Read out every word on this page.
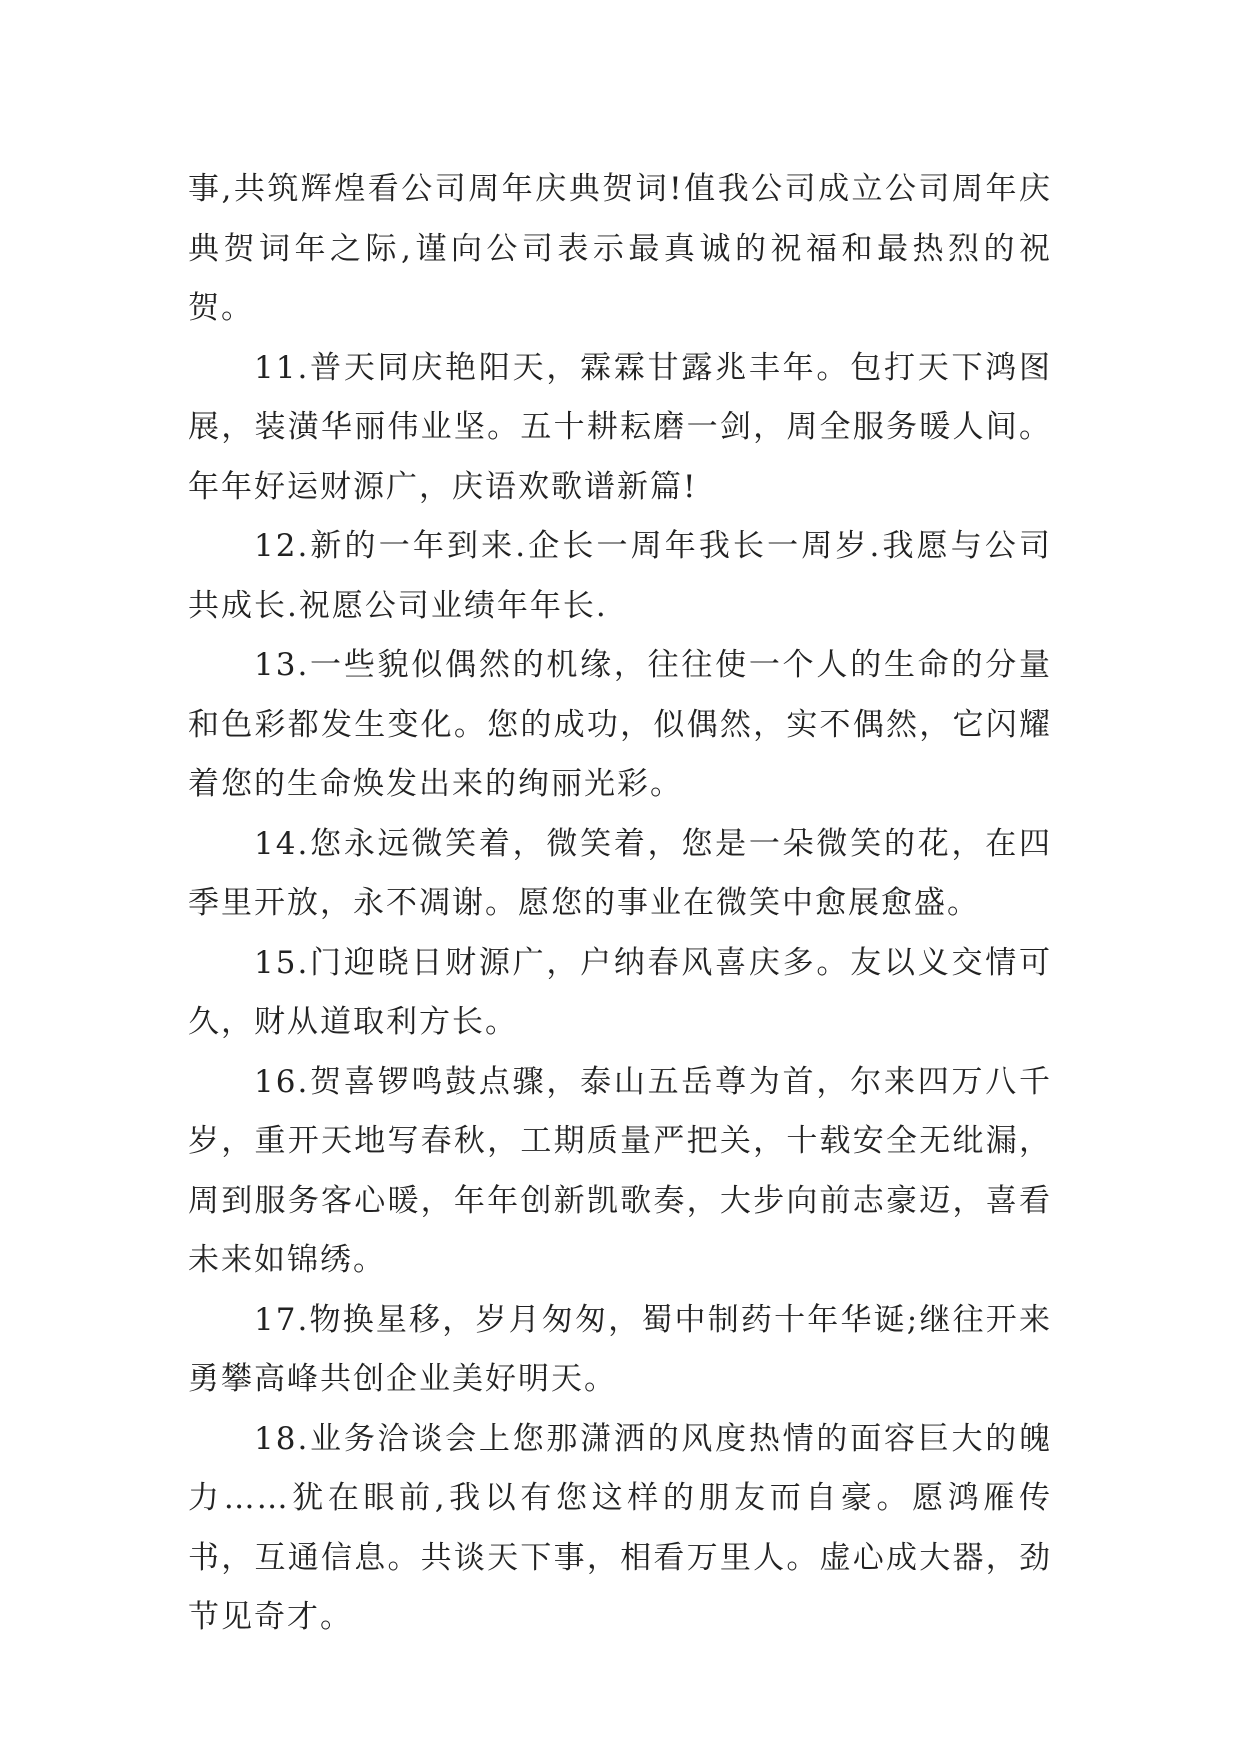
事,共筑辉煌看公司周年庆典贺词!值我公司成立公司周年庆典贺词年之际,谨向公司表示最真诚的祝福和最热烈的祝贺。

11.普天同庆艳阳天，霖霖甘露兆丰年。包打天下鸿图展，装潢华丽伟业坚。五十耕耘磨一剑，周全服务暖人间。年年好运财源广，庆语欢歌谱新篇!

12.新的一年到来.企长一周年我长一周岁.我愿与公司共成长.祝愿公司业绩年年长.

13.一些貌似偶然的机缘，往往使一个人的生命的分量和色彩都发生变化。您的成功，似偶然，实不偶然，它闪耀着您的生命焕发出来的绚丽光彩。

14.您永远微笑着，微笑着，您是一朵微笑的花，在四季里开放，永不凋谢。愿您的事业在微笑中愈展愈盛。

15.门迎晓日财源广，户纳春风喜庆多。友以义交情可久，财从道取利方长。

16.贺喜锣鸣鼓点骤，泰山五岳尊为首，尔来四万八千岁，重开天地写春秋，工期质量严把关，十载安全无纰漏，周到服务客心暖，年年创新凯歌奏，大步向前志豪迈，喜看未来如锦绣。

17.物换星移，岁月匆匆，蜀中制药十年华诞;继往开来勇攀高峰共创企业美好明天。

18.业务洽谈会上您那潇洒的风度热情的面容巨大的魄力……犹在眼前,我以有您这样的朋友而自豪。愿鸿雁传书，互通信息。共谈天下事，相看万里人。虚心成大器，劲节见奇才。
